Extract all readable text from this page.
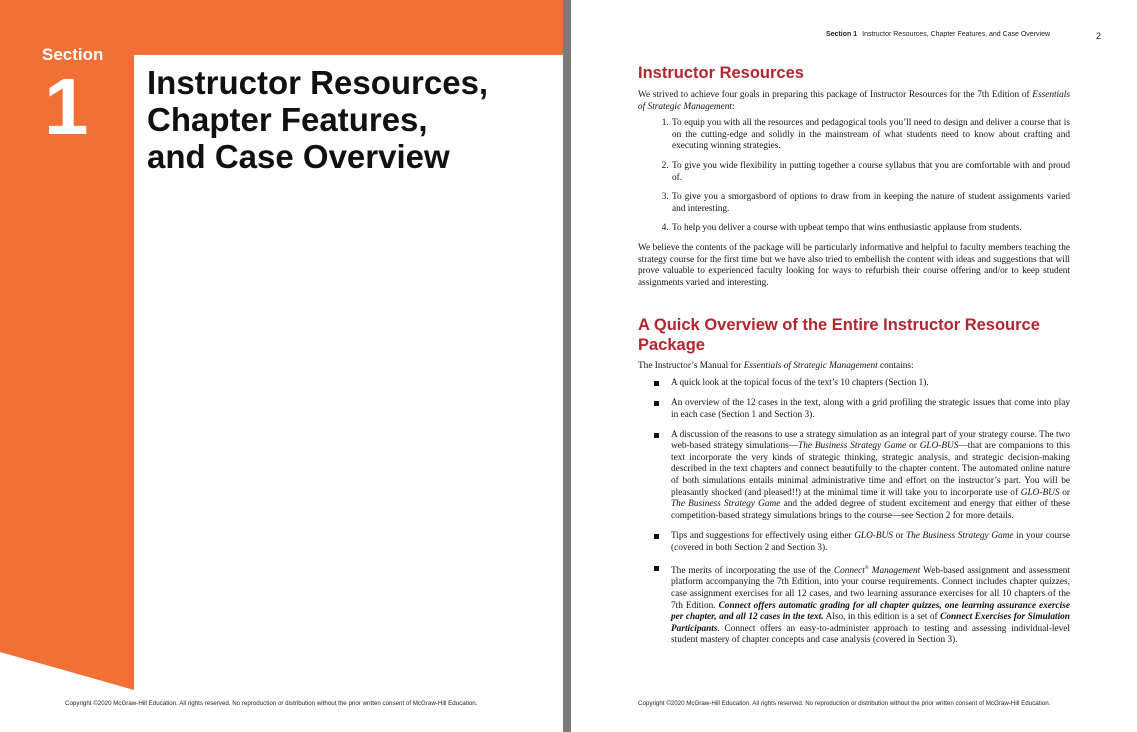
Section
1 Instructor Resources,
Chapter Features,
and Case Overview
Copyright ©2020 McGraw-Hill Education. All rights reserved. No reproduction or distribution without the prior written consent of McGraw-Hill Education.
Section 1 Instructor Resources, Chapter Features, and Case Overview	2
Instructor Resources

We strived to achieve four goals in preparing this package of Instructor Resources for the 7th Edition of Essentials of Strategic Management:

1. To equip you with all the resources and pedagogical tools you’ll need to design and deliver a course that is on the cutting-edge and solidly in the mainstream of what students need to know about crafting and executing winning strategies.
2. To give you wide flexibility in putting together a course syllabus that you are comfortable with and proud of.
3. To give you a smorgasbord of options to draw from in keeping the nature of student assignments varied and interesting.
4. To help you deliver a course with upbeat tempo that wins enthusiastic applause from students.

We believe the contents of the package will be particularly informative and helpful to faculty members teaching the strategy course for the first time but we have also tried to embellish the content with ideas and suggestions that will prove valuable to experienced faculty looking for ways to refurbish their course offering and/or to keep student assignments varied and interesting.

A Quick Overview of the Entire Instructor Resource Package

The Instructor’s Manual for Essentials of Strategic Management contains:

A quick look at the topical focus of the text’s 10 chapters (Section 1).
An overview of the 12 cases in the text, along with a grid profiling the strategic issues that come into play in each case (Section 1 and Section 3).
A discussion of the reasons to use a strategy simulation as an integral part of your strategy course. The two web-based strategy simulations—The Business Strategy Game or GLO-BUS—that are companions to this text incorporate the very kinds of strategic thinking, strategic analysis, and strategic decision-making described in the text chapters and connect beautifully to the chapter content. The automated online nature of both simulations entails minimal administrative time and effort on the instructor’s part. You will be pleasantly shocked (and pleased!!) at the minimal time it will take you to incorporate use of GLO-BUS or The Business Strategy Game and the added degree of student excitement and energy that either of these competition-based strategy simulations brings to the course—see Section 2 for more details.
Tips and suggestions for effectively using either GLO-BUS or The Business Strategy Game in your course (covered in both Section 2 and Section 3).
The merits of incorporating the use of the Connect® Management Web-based assignment and assessment platform accompanying the 7th Edition, into your course requirements. Connect includes chapter quizzes, case assignment exercises for all 12 cases, and two learning assurance exercises for all 10 chapters of the 7th Edition. Connect offers automatic grading for all chapter quizzes, one learning assurance exercise per chapter, and all 12 cases in the text. Also, in this edition is a set of Connect Exercises for Simulation Participants. Connect offers an easy-to-administer approach to testing and assessing individual-level student mastery of chapter concepts and case analysis (covered in Section 3).
Copyright ©2020 McGraw-Hill Education. All rights reserved. No reproduction or distribution without the prior written consent of McGraw-Hill Education.
